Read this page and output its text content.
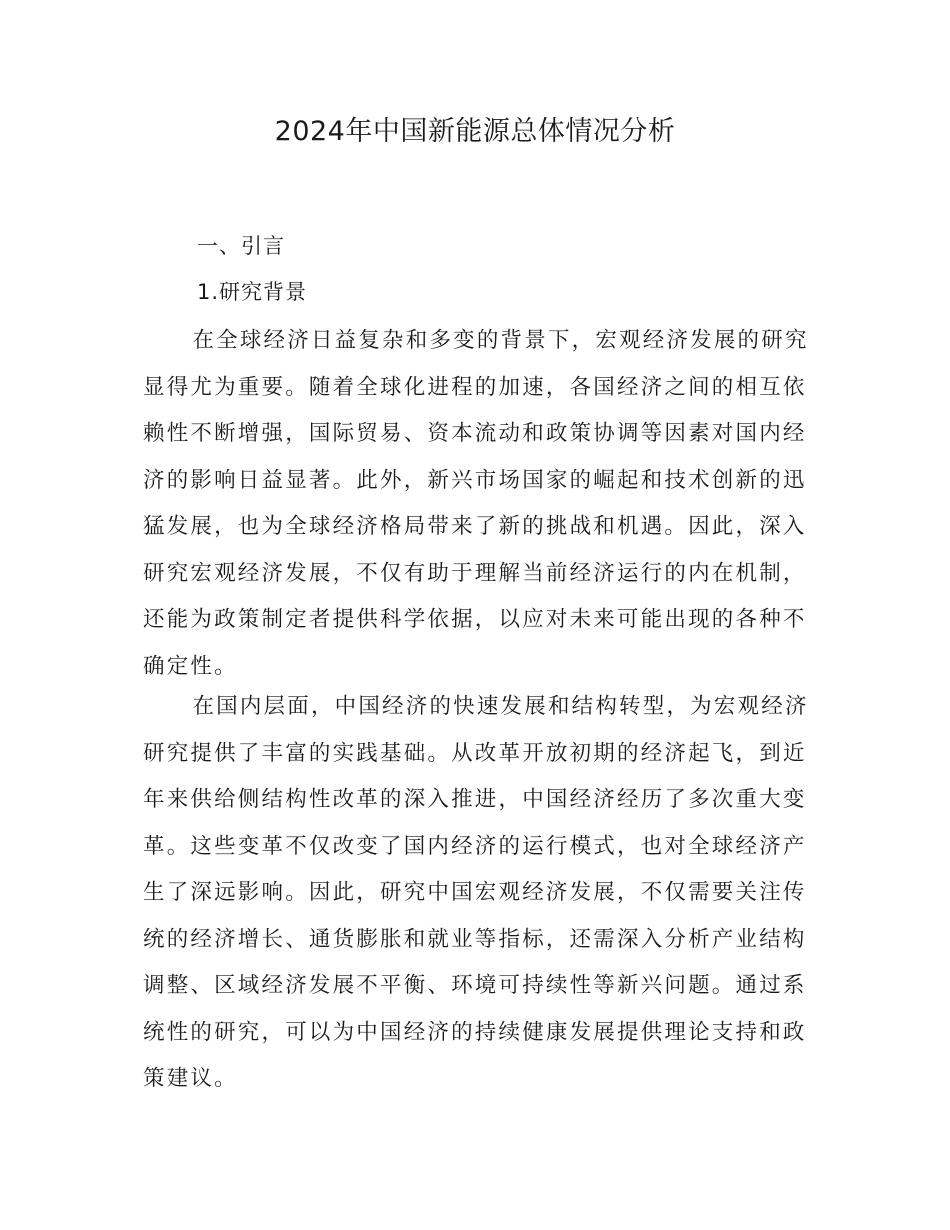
2024年中国新能源总体情况分析
一、引言
1.研究背景

在全球经济日益复杂和多变的背景下，宏观经济发展的研究显得尤为重要。随着全球化进程的加速，各国经济之间的相互依赖性不断增强，国际贸易、资本流动和政策协调等因素对国内经济的影响日益显著。此外，新兴市场国家的崛起和技术创新的迅猛发展，也为全球经济格局带来了新的挑战和机遇。因此，深入研究宏观经济发展，不仅有助于理解当前经济运行的内在机制，还能为政策制定者提供科学依据，以应对未来可能出现的各种不确定性。

在国内层面，中国经济的快速发展和结构转型，为宏观经济研究提供了丰富的实践基础。从改革开放初期的经济起飞，到近年来供给侧结构性改革的深入推进，中国经济经历了多次重大变革。这些变革不仅改变了国内经济的运行模式，也对全球经济产生了深远影响。因此，研究中国宏观经济发展，不仅需要关注传统的经济增长、通货膨胀和就业等指标，还需深入分析产业结构调整、区域经济发展不平衡、环境可持续性等新兴问题。通过系统性的研究，可以为中国经济的持续健康发展提供理论支持和政策建议。
